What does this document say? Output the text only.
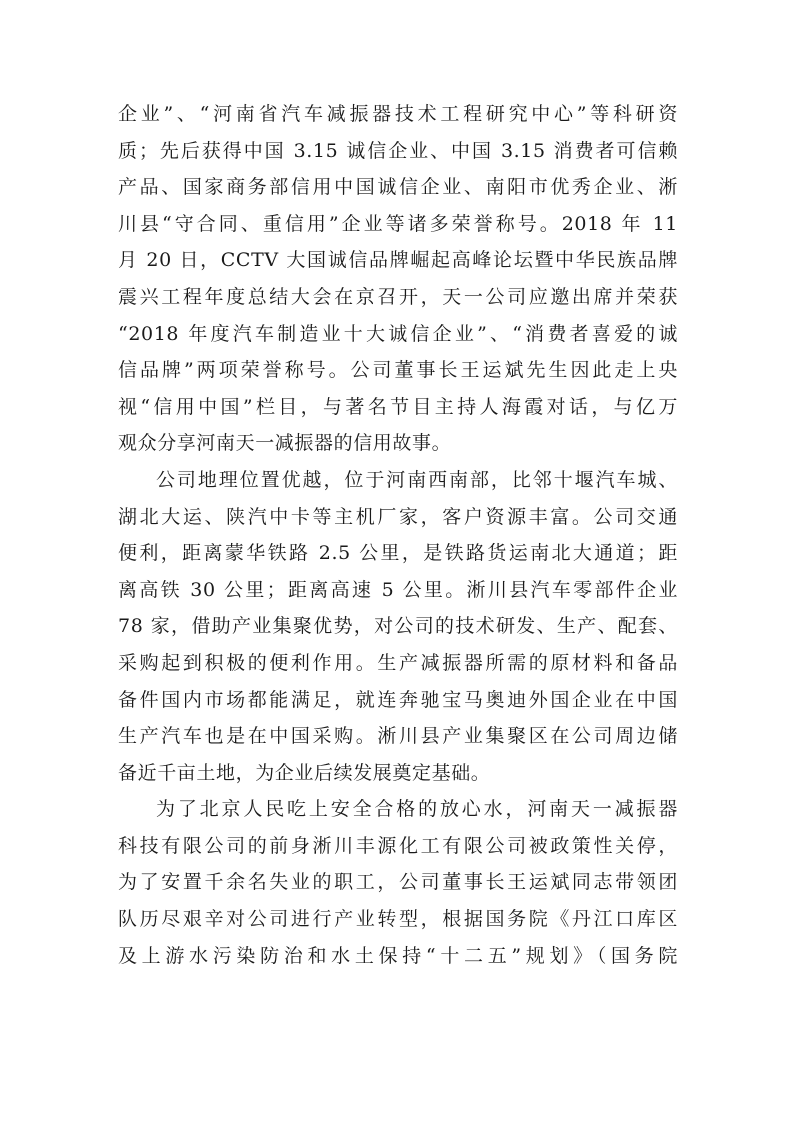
企业”、“河南省汽车减振器技术工程研究中心”等科研资
质；先后获得中国 3.15 诚信企业、中国 3.15 消费者可信赖
产品、国家商务部信用中国诚信企业、南阳市优秀企业、淅
川县“守合同、重信用”企业等诸多荣誉称号。2018 年 11
月 20 日，CCTV 大国诚信品牌崛起高峰论坛暨中华民族品牌
震兴工程年度总结大会在京召开，天一公司应邀出席并荣获
“2018 年度汽车制造业十大诚信企业”、“消费者喜爱的诚
信品牌”两项荣誉称号。公司董事长王运斌先生因此走上央
视“信用中国”栏目，与著名节目主持人海霞对话，与亿万
观众分享河南天一减振器的信用故事。
公司地理位置优越，位于河南西南部，比邻十堰汽车城、
湖北大运、陕汽中卡等主机厂家，客户资源丰富。公司交通
便利，距离蒙华铁路 2.5 公里，是铁路货运南北大通道；距
离高铁 30 公里；距离高速 5 公里。淅川县汽车零部件企业
78 家，借助产业集聚优势，对公司的技术研发、生产、配套、
采购起到积极的便利作用。生产减振器所需的原材料和备品
备件国内市场都能满足，就连奔驰宝马奥迪外国企业在中国
生产汽车也是在中国采购。淅川县产业集聚区在公司周边储
备近千亩土地，为企业后续发展奠定基础。
为了北京人民吃上安全合格的放心水，河南天一减振器
科技有限公司的前身淅川丰源化工有限公司被政策性关停，
为了安置千余名失业的职工，公司董事长王运斌同志带领团
队历尽艰辛对公司进行产业转型，根据国务院《丹江口库区
及上游水污染防治和水土保持“十二五”规划》（国务院
